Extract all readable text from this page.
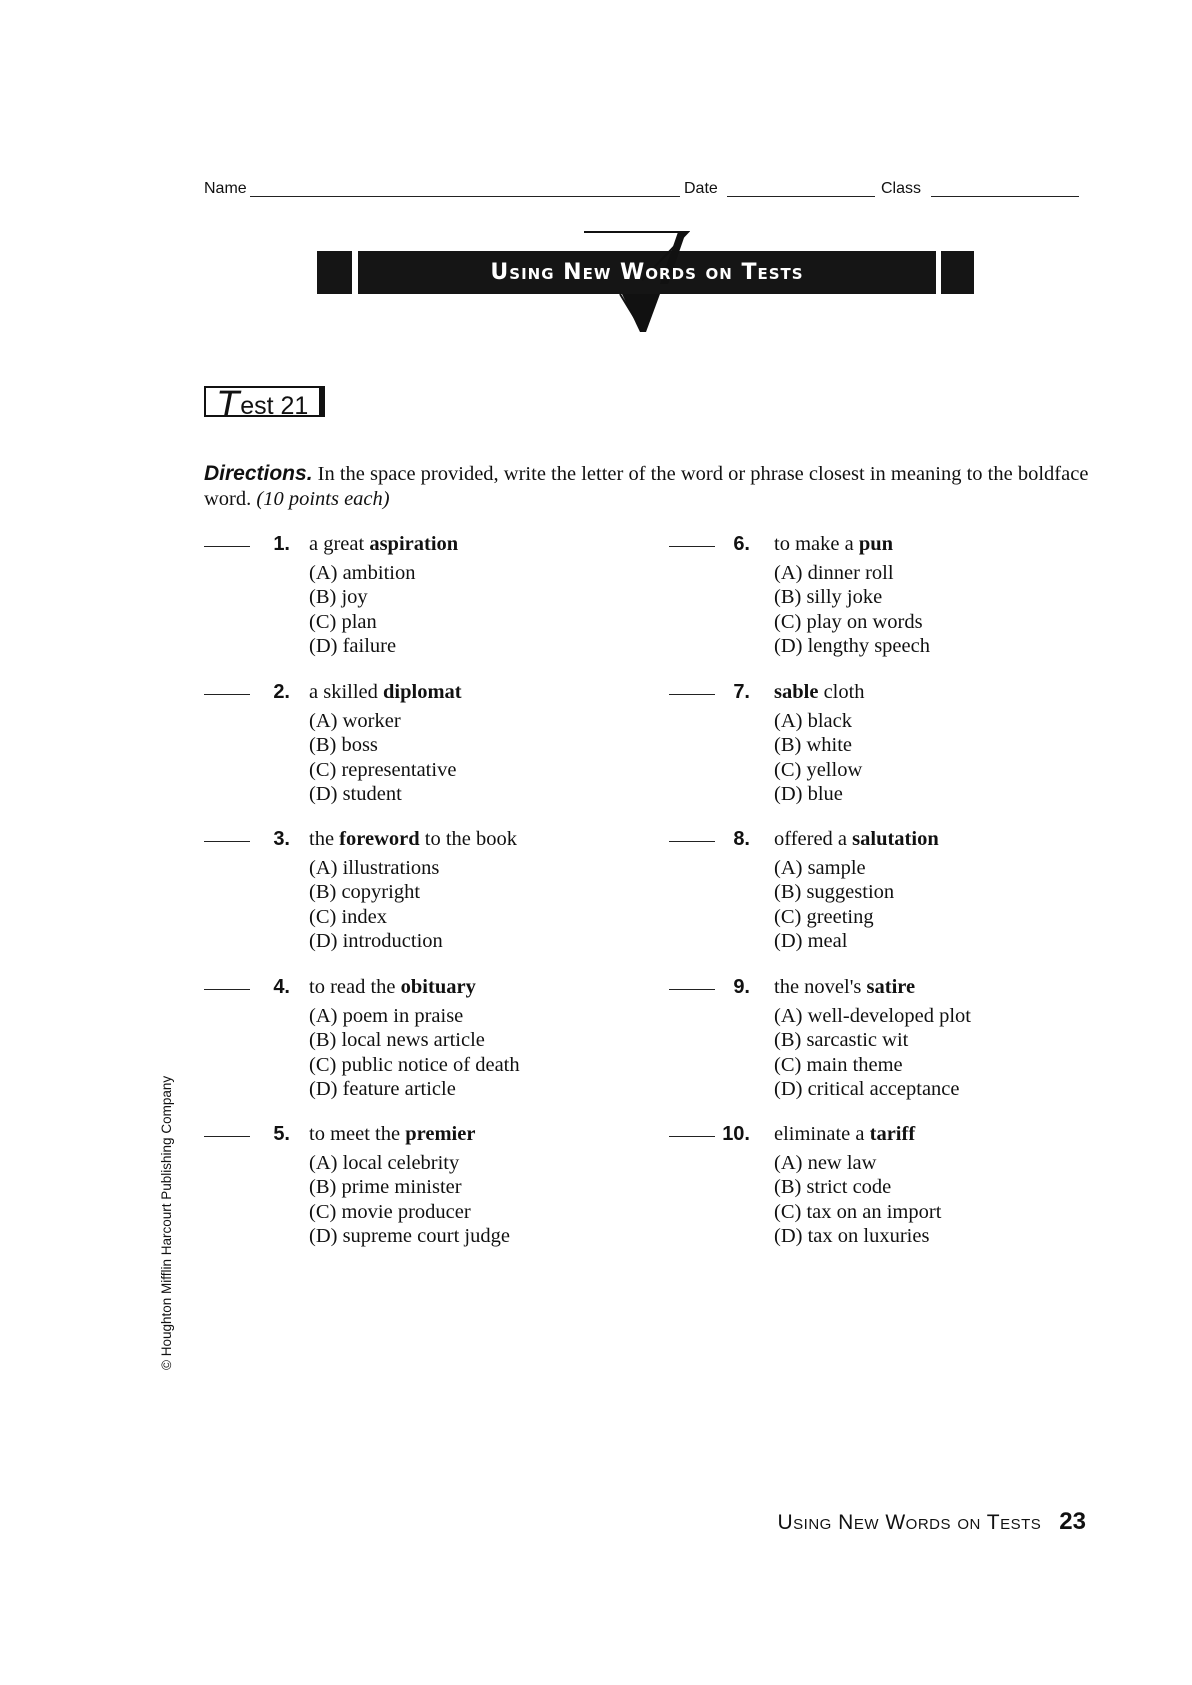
Name	Date	Class
Using New Words on Tests
Test 21
Directions. In the space provided, write the letter of the word or phrase closest in meaning to the boldface word. (10 points each)
1. a great aspiration
(A) ambition
(B) joy
(C) plan
(D) failure
2. a skilled diplomat
(A) worker
(B) boss
(C) representative
(D) student
3. the foreword to the book
(A) illustrations
(B) copyright
(C) index
(D) introduction
4. to read the obituary
(A) poem in praise
(B) local news article
(C) public notice of death
(D) feature article
5. to meet the premier
(A) local celebrity
(B) prime minister
(C) movie producer
(D) supreme court judge
6. to make a pun
(A) dinner roll
(B) silly joke
(C) play on words
(D) lengthy speech
7. sable cloth
(A) black
(B) white
(C) yellow
(D) blue
8. offered a salutation
(A) sample
(B) suggestion
(C) greeting
(D) meal
9. the novel's satire
(A) well-developed plot
(B) sarcastic wit
(C) main theme
(D) critical acceptance
10. eliminate a tariff
(A) new law
(B) strict code
(C) tax on an import
(D) tax on luxuries
© Houghton Mifflin Harcourt Publishing Company
Using New Words on Tests 23
